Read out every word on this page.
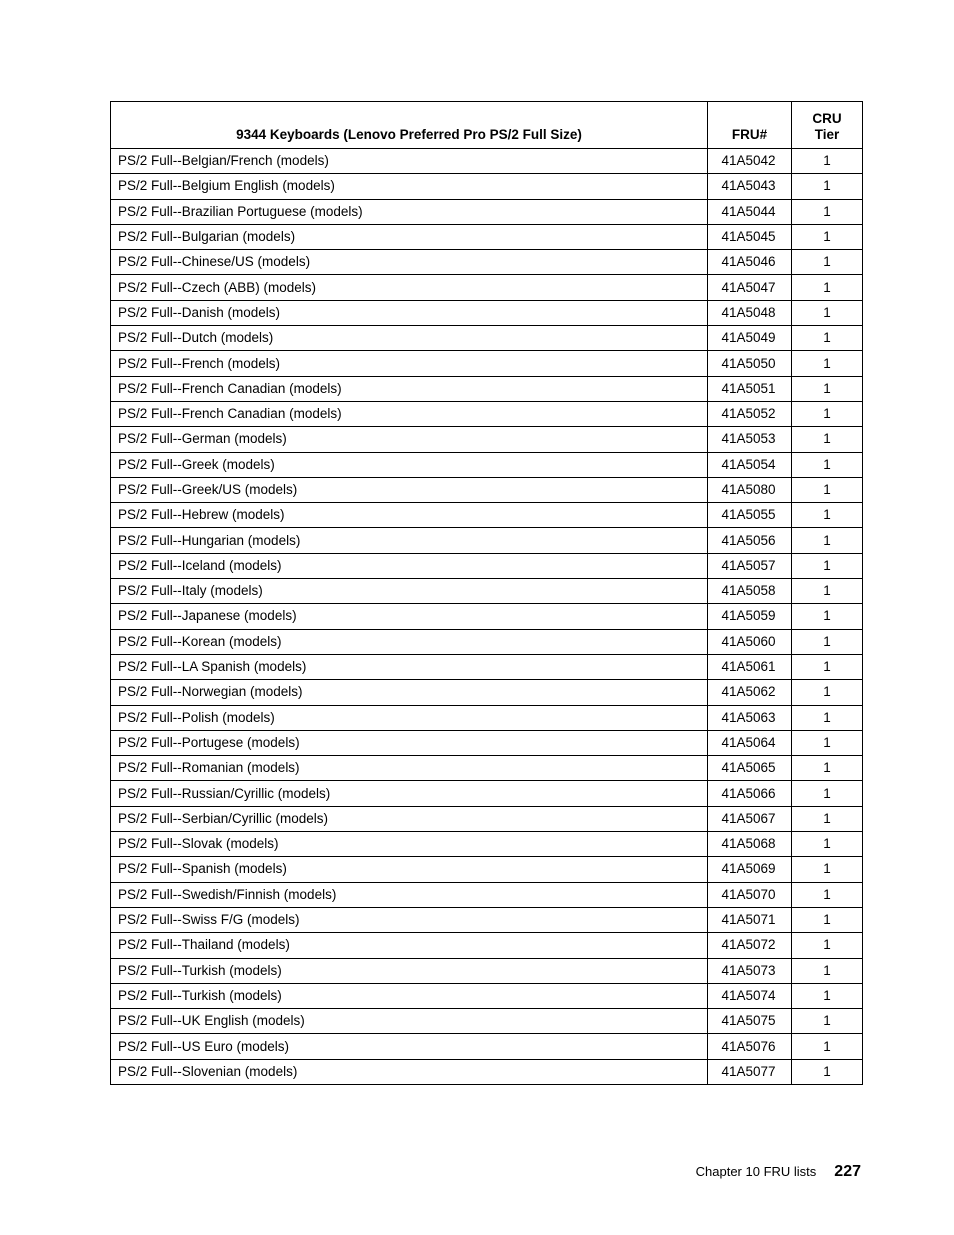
9344 Keyboards (Lenovo Preferred Pro PS/2 Full Size)	FRU#	CRU
Tier

PS/2 Full--Belgian/French (models)	41A5042	1
PS/2 Full--Belgium English (models)	41A5043	1
PS/2 Full--Brazilian Portuguese (models)	41A5044	1
PS/2 Full--Bulgarian (models)	41A5045	1
PS/2 Full--Chinese/US (models)	41A5046	1
PS/2 Full--Czech (ABB) (models)	41A5047	1
PS/2 Full--Danish (models)	41A5048	1
PS/2 Full--Dutch (models)	41A5049	1
PS/2 Full--French (models)	41A5050	1
PS/2 Full--French Canadian (models)	41A5051	1
PS/2 Full--French Canadian (models)	41A5052	1
PS/2 Full--German (models)	41A5053	1
PS/2 Full--Greek (models)	41A5054	1
PS/2 Full--Greek/US (models)	41A5080	1
PS/2 Full--Hebrew (models)	41A5055	1
PS/2 Full--Hungarian (models)	41A5056	1
PS/2 Full--Iceland (models)	41A5057	1
PS/2 Full--Italy (models)	41A5058	1
PS/2 Full--Japanese (models)	41A5059	1
PS/2 Full--Korean (models)	41A5060	1
PS/2 Full--LA Spanish (models)	41A5061	1
PS/2 Full--Norwegian (models)	41A5062	1
PS/2 Full--Polish (models)	41A5063	1
PS/2 Full--Portugese (models)	41A5064	1
PS/2 Full--Romanian (models)	41A5065	1
PS/2 Full--Russian/Cyrillic (models)	41A5066	1
PS/2 Full--Serbian/Cyrillic (models)	41A5067	1
PS/2 Full--Slovak (models)	41A5068	1
PS/2 Full--Spanish (models)	41A5069	1
PS/2 Full--Swedish/Finnish (models)	41A5070	1
PS/2 Full--Swiss F/G (models)	41A5071	1
PS/2 Full--Thailand (models)	41A5072	1
PS/2 Full--Turkish (models)	41A5073	1
PS/2 Full--Turkish (models)	41A5074	1
PS/2 Full--UK English (models)	41A5075	1
PS/2 Full--US Euro (models)	41A5076	1
PS/2 Full--Slovenian (models)	41A5077	1
Chapter 10 FRU lists 227
